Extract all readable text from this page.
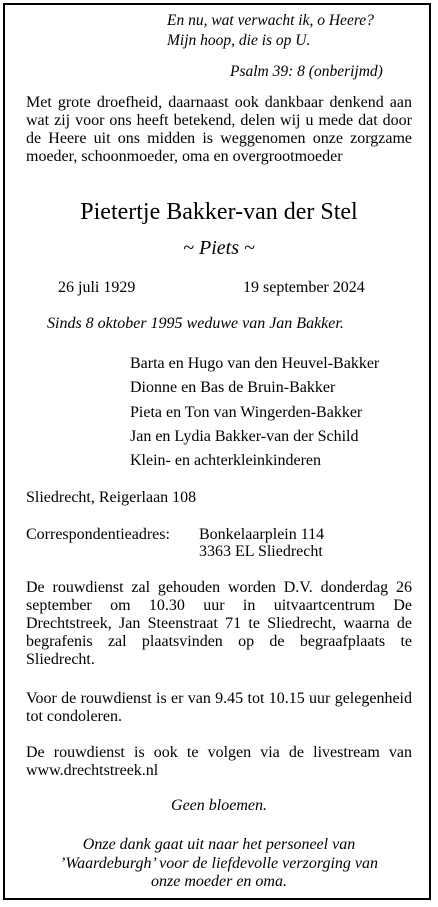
En nu, wat verwacht ik, o Heere?
Mijn hoop, die is op U.
Psalm 39: 8 (onberijmd)
Met grote droefheid, daarnaast ook dankbaar denkend aan wat zij voor ons heeft betekend, delen wij u mede dat door de Heere uit ons midden is weggenomen onze zorgzame moeder, schoonmoeder, oma en overgrootmoeder
Pietertje Bakker-van der Stel
~ Piets ~
26 juli 1929	19 september 2024
Sinds 8 oktober 1995 weduwe van Jan Bakker.
Barta en Hugo van den Heuvel-Bakker
Dionne en Bas de Bruin-Bakker
Pieta en Ton van Wingerden-Bakker
Jan en Lydia Bakker-van der Schild
Klein- en achterkleinkinderen
Sliedrecht, Reigerlaan 108
Correspondentieadres: Bonkelaarplein 114
3363 EL Sliedrecht
De rouwdienst zal gehouden worden D.V. donderdag 26 september om 10.30 uur in uitvaartcentrum De Drechtstreek, Jan Steenstraat 71 te Sliedrecht, waarna de begrafenis zal plaatsvinden op de begraafplaats te Sliedrecht.
Voor de rouwdienst is er van 9.45 tot 10.15 uur gelegenheid tot condoleren.
De rouwdienst is ook te volgen via de livestream van www.drechtstreek.nl
Geen bloemen.
Onze dank gaat uit naar het personeel van
’Waardeburgh’ voor de liefdevolle verzorging van
onze moeder en oma.
